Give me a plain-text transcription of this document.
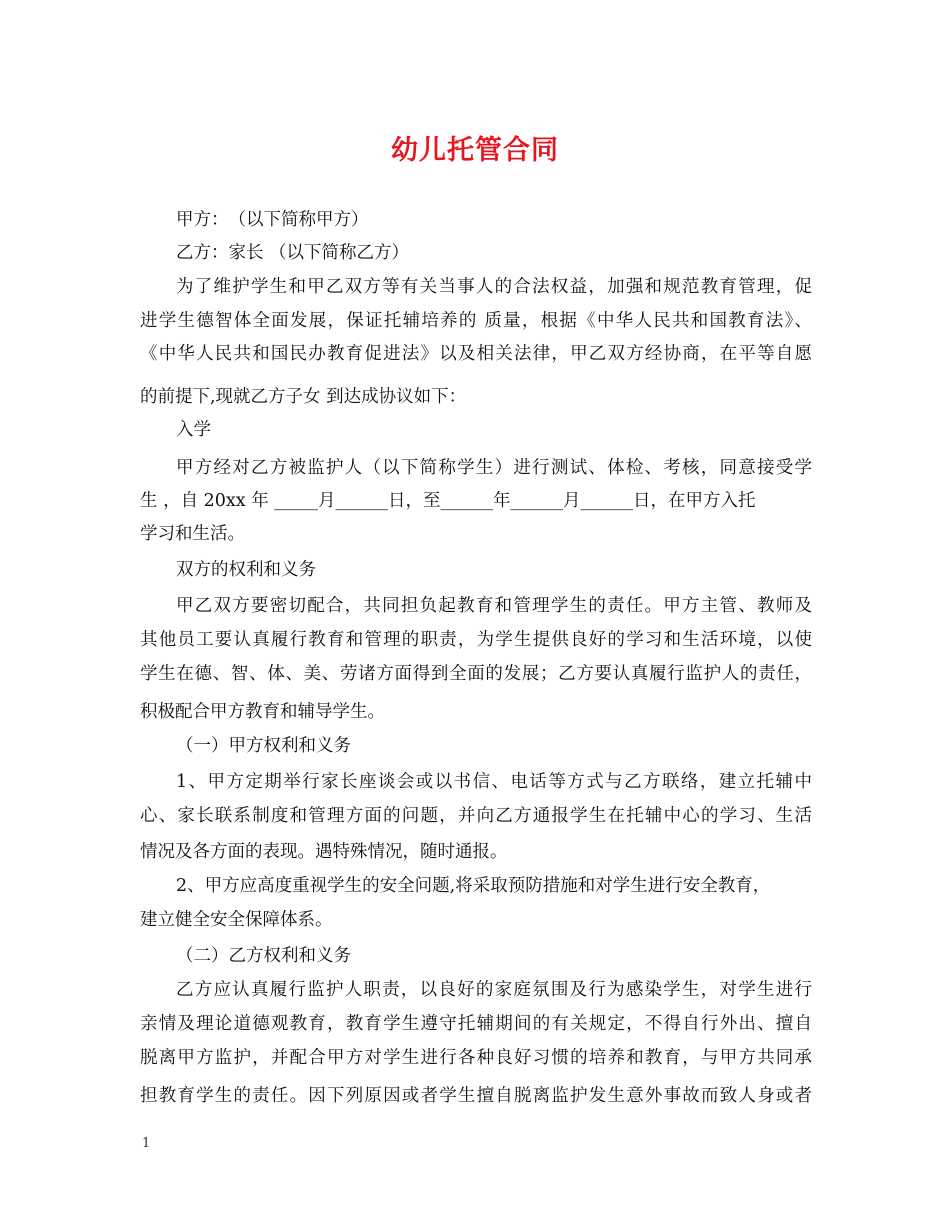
幼儿托管合同
甲方：　（以下简称甲方）
乙方：家长 （以下简称乙方）
为了维护学生和甲乙双方等有关当事人的合法权益，加强和规范教育管理，促
进学生德智体全面发展，保证托辅培养的 质量，根据《中华人民共和国教育法》、
《中华人民共和国民办教育促进法》以及相关法律，甲乙双方经协商，在平等自愿
的前提下,现就乙方子女 到达成协议如下：
入学
甲方经对乙方被监护人（以下简称学生）进行测试、体检、考核，同意接受学
生 ，自 20xx 年 _____月______日，至______年______月______日，在甲方入托
学习和生活。
双方的权利和义务
甲乙双方要密切配合，共同担负起教育和管理学生的责任。甲方主管、教师及
其他员工要认真履行教育和管理的职责，为学生提供良好的学习和生活环境，以使
学生在德、智、体、美、劳诸方面得到全面的发展；乙方要认真履行监护人的责任，
积极配合甲方教育和辅导学生。
（一）甲方权利和义务
1、甲方定期举行家长座谈会或以书信、电话等方式与乙方联络，建立托辅中
心、家长联系制度和管理方面的问题，并向乙方通报学生在托辅中心的学习、生活
情况及各方面的表现。遇特殊情况，随时通报。
2、甲方应高度重视学生的安全问题,将采取预防措施和对学生进行安全教育，
建立健全安全保障体系。
（二）乙方权利和义务
乙方应认真履行监护人职责，以良好的家庭氛围及行为感染学生，对学生进行
亲情及理论道德观教育，教育学生遵守托辅期间的有关规定，不得自行外出、擅自
脱离甲方监护，并配合甲方对学生进行各种良好习惯的培养和教育，与甲方共同承
担教育学生的责任。因下列原因或者学生擅自脱离监护发生意外事故而致人身或者
1
